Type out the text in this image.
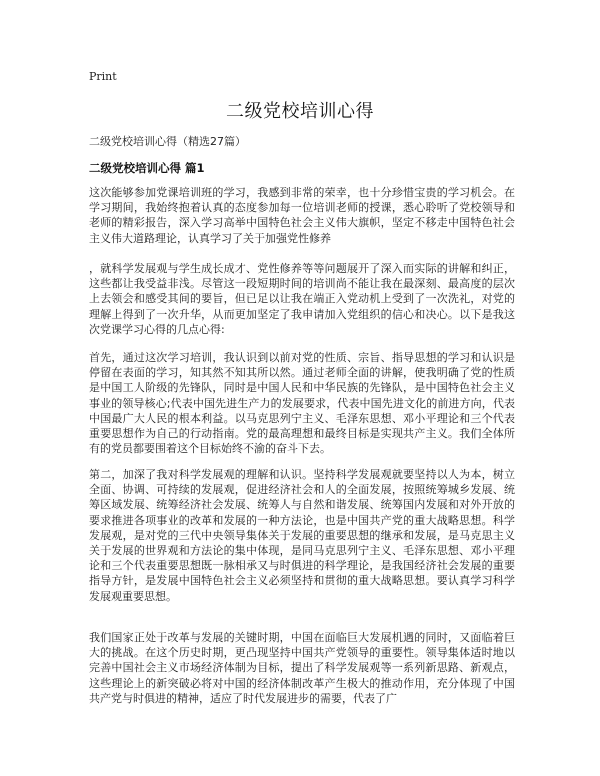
Print
二级党校培训心得
二级党校培训心得（精选27篇）
二级党校培训心得 篇1

这次能够参加党课培训班的学习，我感到非常的荣幸，也十分珍惜宝贵的学习机会。在学习期间，我始终抱着认真的态度参加每一位培训老师的授课，悉心聆听了党校领导和老师的精彩报告，深入学习高举中国特色社会主义伟大旗帜，坚定不移走中国特色社会主义伟大道路理论，认真学习了关于加强党性修养

，就科学发展观与学生成长成才、党性修养等等问题展开了深入而实际的讲解和纠正，这些都让我受益非浅。尽管这一段短期时间的培训尚不能让我在最深刻、最高度的层次上去领会和感受其间的要旨，但已足以让我在端正入党动机上受到了一次洗礼，对党的理解上得到了一次升华，从而更加坚定了我申请加入党组织的信心和决心。以下是我这次党课学习心得的几点心得:

首先，通过这次学习培训，我认识到以前对党的性质、宗旨、指导思想的学习和认识是停留在表面的学习，知其然不知其所以然。通过老师全面的讲解，使我明确了党的性质是中国工人阶级的先锋队，同时是中国人民和中华民族的先锋队，是中国特色社会主义事业的领导核心;代表中国先进生产力的发展要求，代表中国先进文化的前进方向，代表中国最广大人民的根本利益。以马克思列宁主义、毛泽东思想、邓小平理论和三个代表重要思想作为自己的行动指南。党的最高理想和最终目标是实现共产主义。我们全体所有的党员都要围着这个目标始终不渝的奋斗下去。

第二，加深了我对科学发展观的理解和认识。坚持科学发展观就要坚持以人为本，树立全面、协调、可持续的发展观，促进经济社会和人的全面发展，按照统筹城乡发展、统筹区域发展、统筹经济社会发展、统筹人与自然和谐发展、统筹国内发展和对外开放的要求推进各项事业的改革和发展的一种方法论，也是中国共产党的重大战略思想。科学发展观，是对党的三代中央领导集体关于发展的重要思想的继承和发展，是马克思主义关于发展的世界观和方法论的集中体现，是同马克思列宁主义、毛泽东思想、邓小平理论和三个代表重要思想既一脉相承又与时俱进的科学理论，是我国经济社会发展的重要指导方针，是发展中国特色社会主义必须坚持和贯彻的重大战略思想。要认真学习科学发展观重要思想。

我们国家正处于改革与发展的关键时期，中国在面临巨大发展机遇的同时，又面临着巨大的挑战。在这个历史时期，更凸现坚持中国共产党领导的重要性。领导集体适时地以完善中国社会主义市场经济体制为目标，提出了科学发展观等一系列新思路、新观点，这些理论上的新突破必将对中国的经济体制改革产生极大的推动作用，充分体现了中国共产党与时俱进的精神，适应了时代发展进步的需要，代表了广
